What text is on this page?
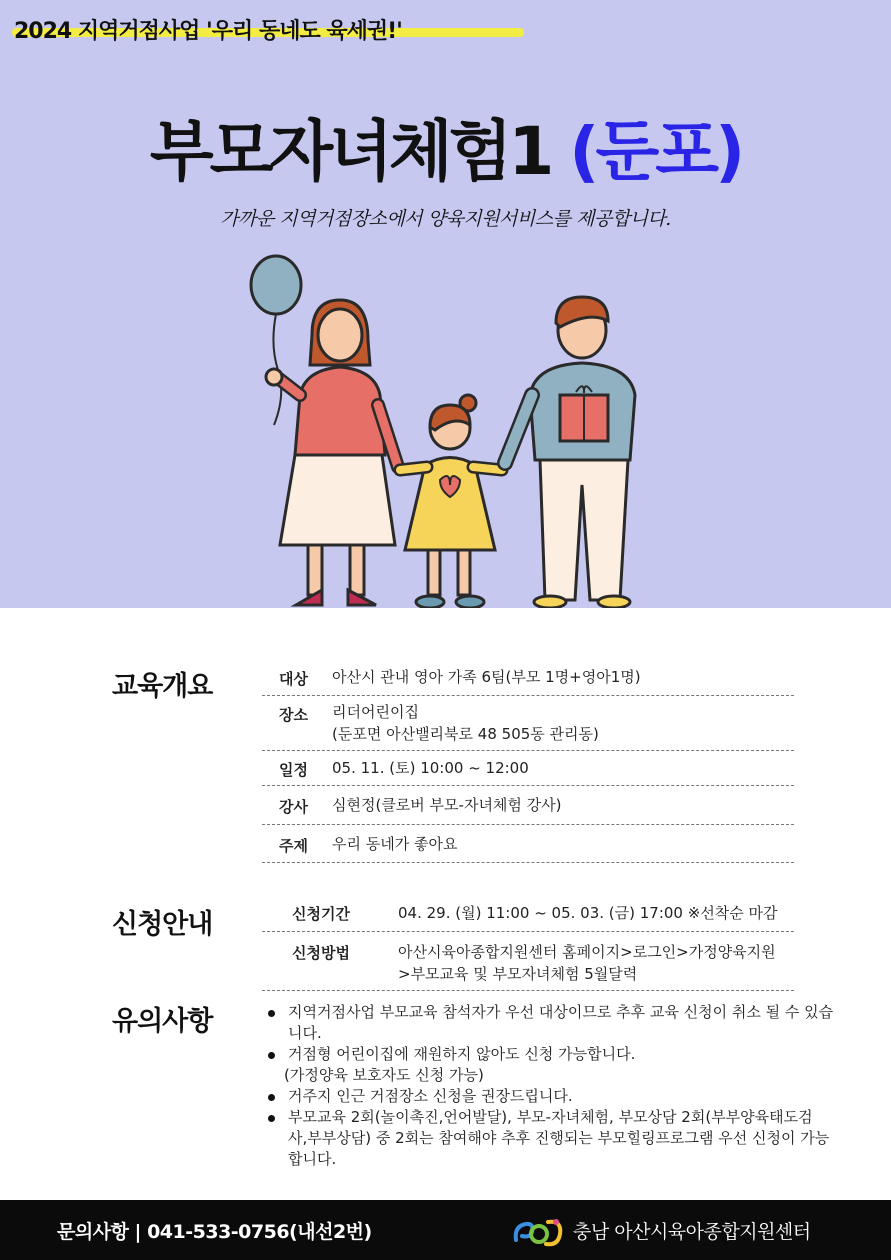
2024 지역거점사업 '우리 동네도 육세권!'
부모자녀체험1 (둔포)
가까운 지역거점장소에서 양육지원서비스를 제공합니다.
교육개요	대상 아산시 관내 영아 가족 6팀(부모 1명+영아1명)
장소 리더어린이집
(둔포면 아산밸리북로 48 505동 관리동)
일정 05. 11. (토) 10:00 ~ 12:00
강사 심현정(클로버 부모-자녀체험 강사)
주제 우리 동네가 좋아요
신청안내	신청기간	04. 29. (월) 11:00 ~ 05. 03. (금) 17:00 ※선착순 마감
신청방법	아산시육아종합지원센터 홈페이지>로그인>가정양육지원
>부모교육 및 부모자녀체험 5월달력
유의사항	지역거점사업 부모교육 참석자가 우선 대상이므로 추후 교육 신청이 취소 될 수 있습
니다.
거점형 어린이집에 재원하지 않아도 신청 가능합니다.
(가정양육 보호자도 신청 가능)
거주지 인근 거점장소 신청을 권장드립니다.
부모교육 2회(놀이촉진,언어발달), 부모-자녀체험, 부모상담 2회(부부양육태도검
사,부부상담) 중 2회는 참여해야 추후 진행되는 부모힐링프로그램 우선 신청이 가능
합니다.
문의사항 | 041-533-0756(내선2번)	충남 아산시육아종합지원센터
